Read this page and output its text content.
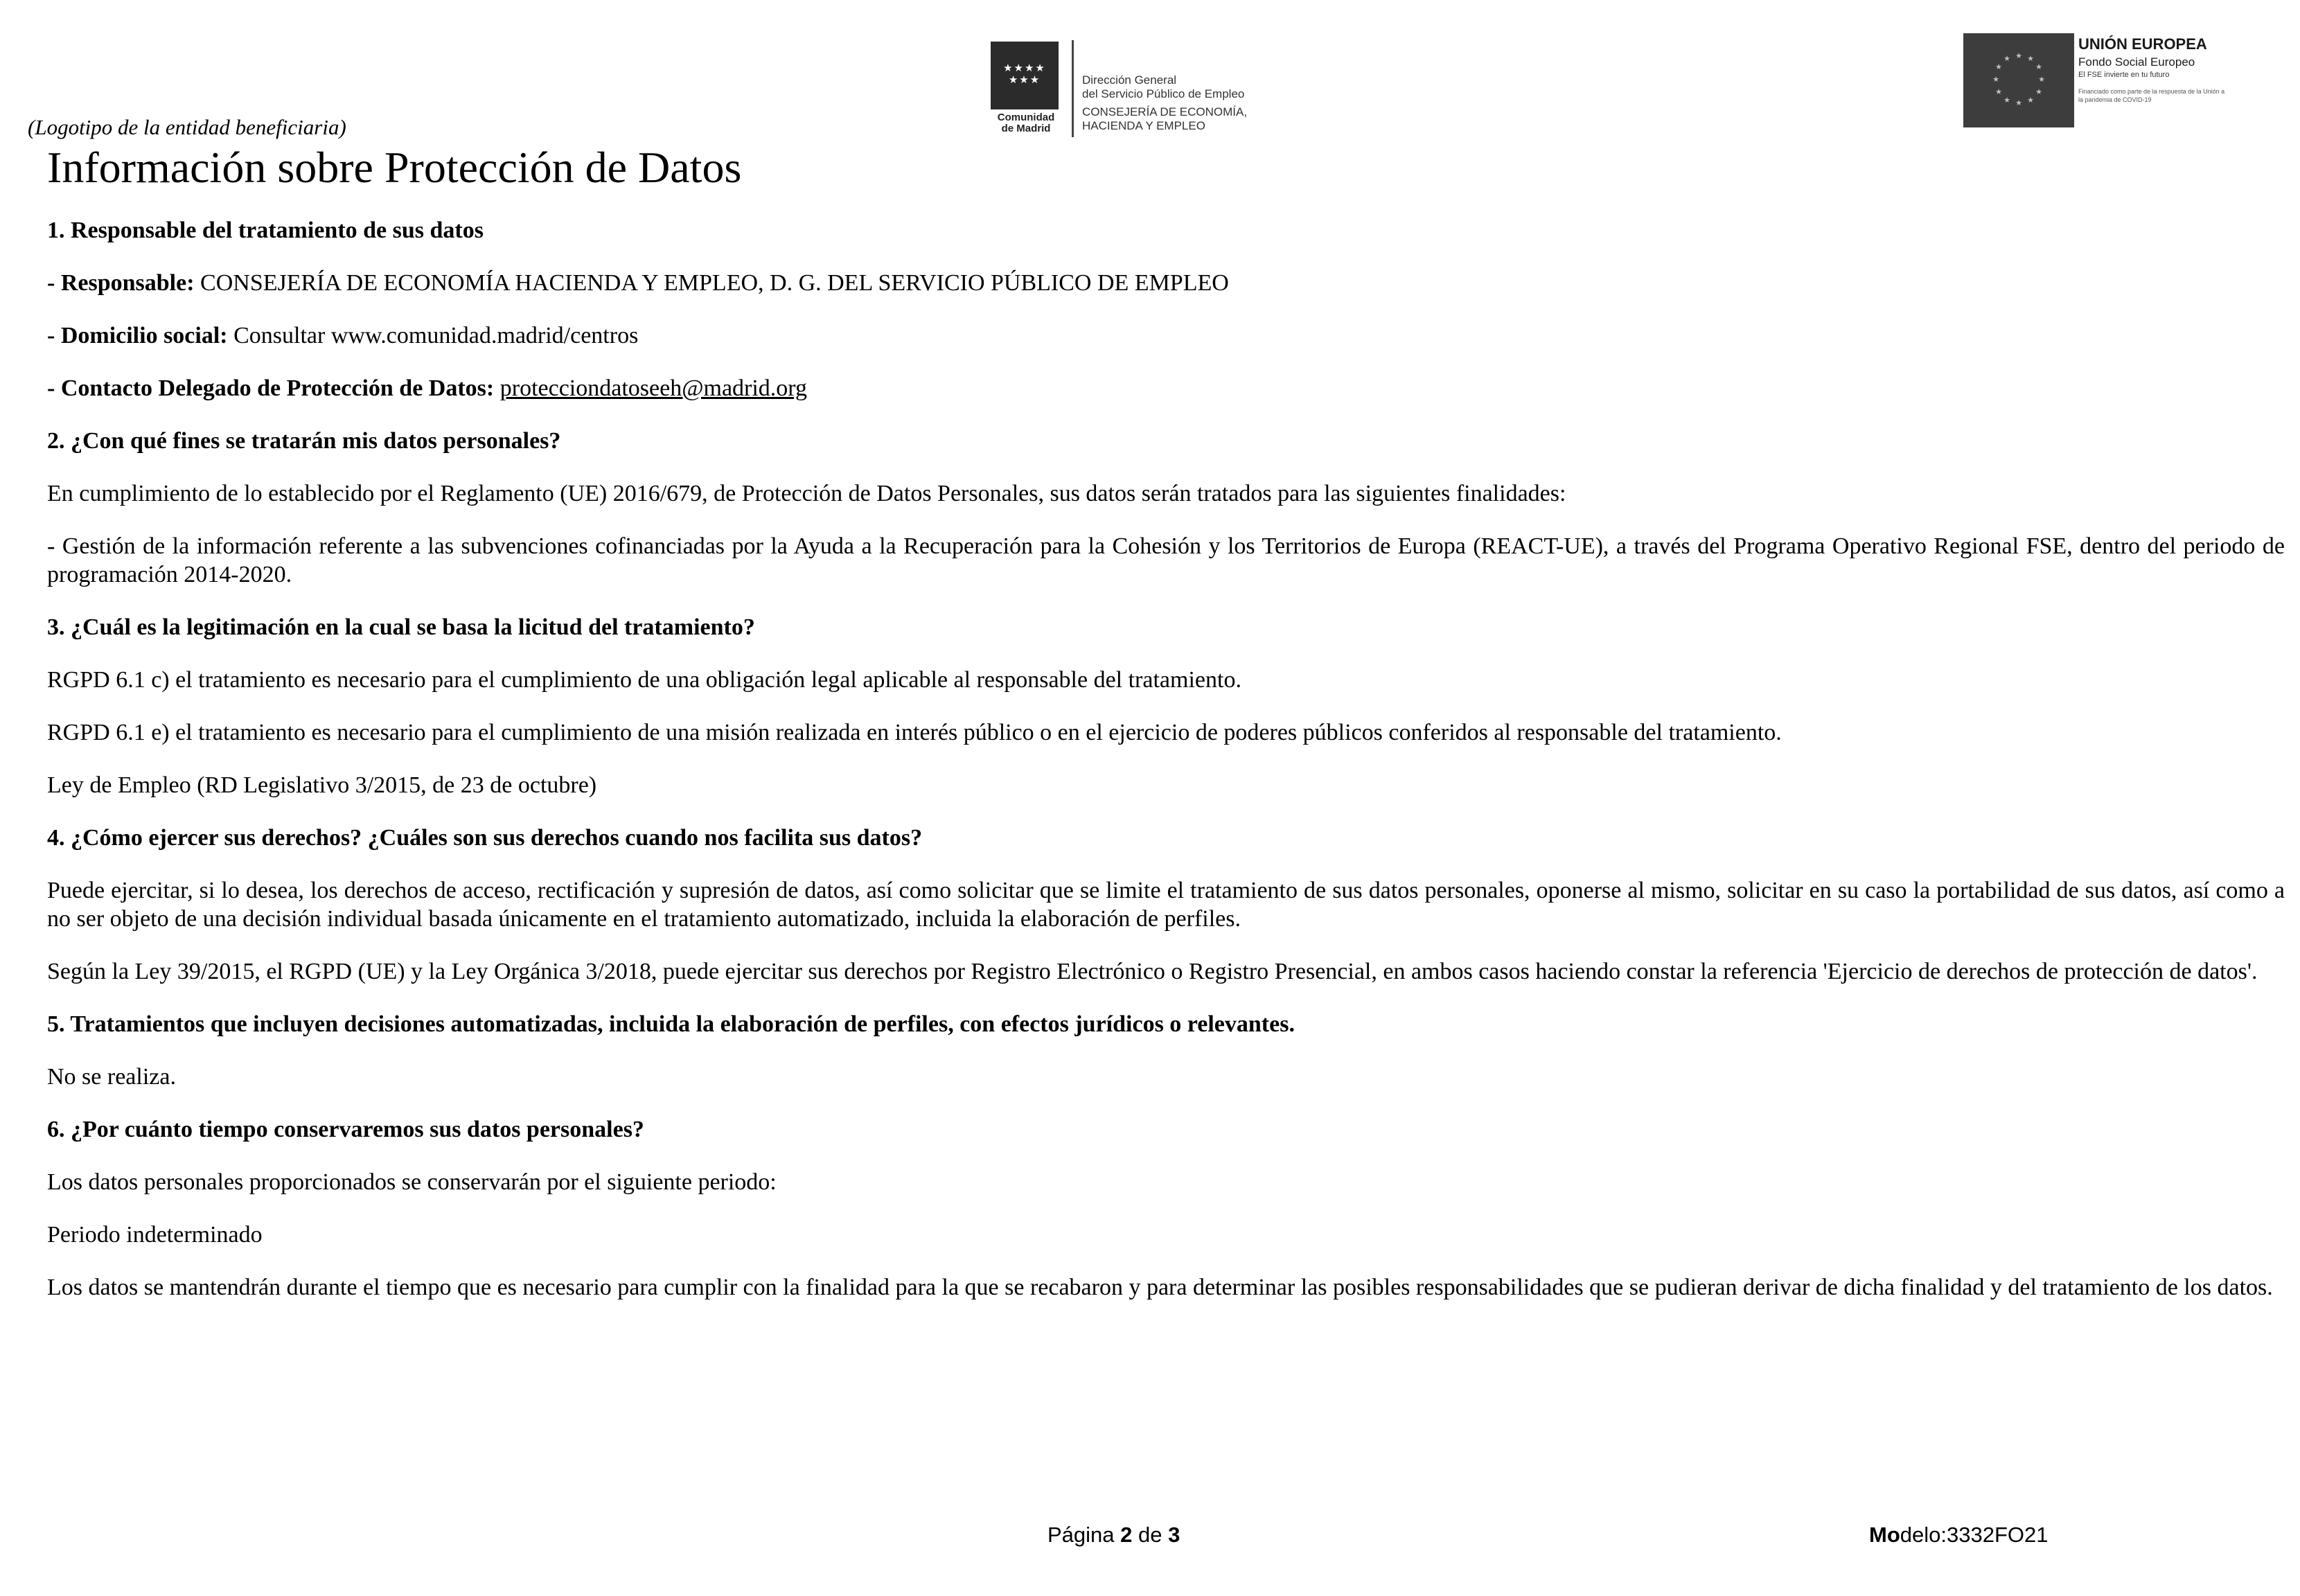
★★★★
★★★
Comunidad
de Madrid
Dirección General
del Servicio Público de Empleo
CONSEJERÍA DE ECONOMÍA,
HACIENDA Y EMPLEO
★ ★
★
★
★
★
★
★
★
★
★
★
UNIÓN EUROPEA
Fondo Social Europeo
El FSE invierte en tu futuro
Financiado como parte de la respuesta de la Unión a la pandemia de COVID-19
(Logotipo de la entidad beneficiaria)
Información sobre Protección de Datos

1. Responsable del tratamiento de sus datos

- Responsable: CONSEJERÍA DE ECONOMÍA HACIENDA Y EMPLEO, D. G. DEL SERVICIO PÚBLICO DE EMPLEO

- Domicilio social: Consultar www.comunidad.madrid/centros

- Contacto Delegado de Protección de Datos: protecciondatoseeh@madrid.org

2. ¿Con qué fines se tratarán mis datos personales?

En cumplimiento de lo establecido por el Reglamento (UE) 2016/679, de Protección de Datos Personales, sus datos serán tratados para las siguientes finalidades:

- Gestión de la información referente a las subvenciones cofinanciadas por la Ayuda a la Recuperación para la Cohesión y los Territorios de Europa (REACT-UE), a través del Programa Operativo Regional FSE, dentro del periodo de programación 2014-2020.

3. ¿Cuál es la legitimación en la cual se basa la licitud del tratamiento?

RGPD 6.1 c) el tratamiento es necesario para el cumplimiento de una obligación legal aplicable al responsable del tratamiento.

RGPD 6.1 e) el tratamiento es necesario para el cumplimiento de una misión realizada en interés público o en el ejercicio de poderes públicos conferidos al responsable del tratamiento.

Ley de Empleo (RD Legislativo 3/2015, de 23 de octubre)

4. ¿Cómo ejercer sus derechos? ¿Cuáles son sus derechos cuando nos facilita sus datos?

Puede ejercitar, si lo desea, los derechos de acceso, rectificación y supresión de datos, así como solicitar que se limite el tratamiento de sus datos personales, oponerse al mismo, solicitar en su caso la portabilidad de sus datos, así como a no ser objeto de una decisión individual basada únicamente en el tratamiento automatizado, incluida la elaboración de perfiles.

Según la Ley 39/2015, el RGPD (UE) y la Ley Orgánica 3/2018, puede ejercitar sus derechos por Registro Electrónico o Registro Presencial, en ambos casos haciendo constar la referencia 'Ejercicio de derechos de protección de datos'.

5. Tratamientos que incluyen decisiones automatizadas, incluida la elaboración de perfiles, con efectos jurídicos o relevantes.

No se realiza.

6. ¿Por cuánto tiempo conservaremos sus datos personales?

Los datos personales proporcionados se conservarán por el siguiente periodo:

Periodo indeterminado

Los datos se mantendrán durante el tiempo que es necesario para cumplir con la finalidad para la que se recabaron y para determinar las posibles responsabilidades que se pudieran derivar de dicha finalidad y del tratamiento de los datos.

Página 2 de 3	Modelo:3332FO21
